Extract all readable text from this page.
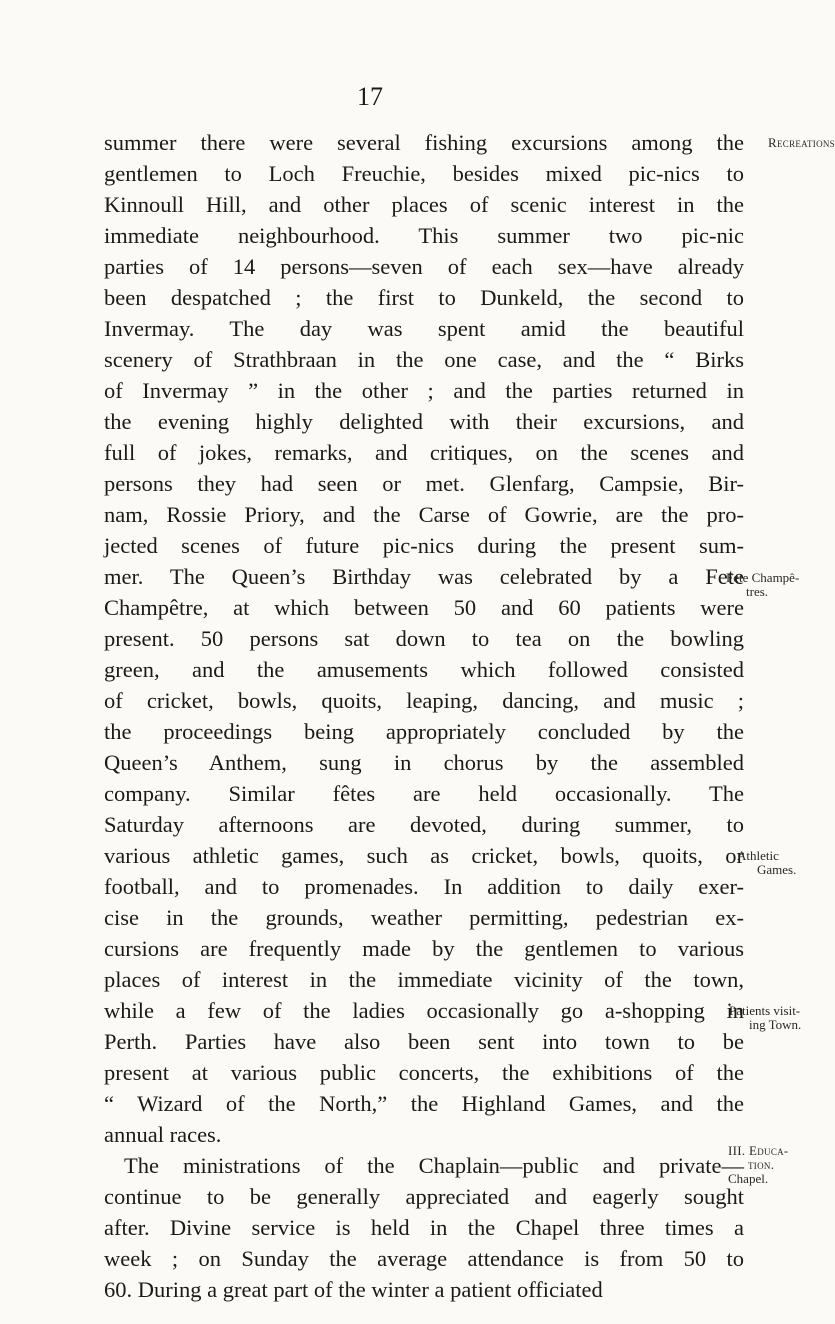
17
summer there were several fishing excursions among the
gentlemen to Loch Freuchie, besides mixed pic-nics to
Kinnoull Hill, and other places of scenic interest in the
immediate neighbourhood. This summer two pic-nic
parties of 14 persons—seven of each sex—have already
been despatched ; the first to Dunkeld, the second to
Invermay. The day was spent amid the beautiful
scenery of Strathbraan in the one case, and the “ Birks
of Invermay ” in the other ; and the parties returned in
the evening highly delighted with their excursions, and
full of jokes, remarks, and critiques, on the scenes and
persons they had seen or met. Glenfarg, Campsie, Bir-
nam, Rossie Priory, and the Carse of Gowrie, are the pro-
jected scenes of future pic-nics during the present sum-
mer. The Queen’s Birthday was celebrated by a Fete
Champêtre, at which between 50 and 60 patients were
present. 50 persons sat down to tea on the bowling
green, and the amusements which followed consisted
of cricket, bowls, quoits, leaping, dancing, and music ;
the proceedings being appropriately concluded by the
Queen’s Anthem, sung in chorus by the assembled
company. Similar fêtes are held occasionally. The
Saturday afternoons are devoted, during summer, to
various athletic games, such as cricket, bowls, quoits, or
football, and to promenades. In addition to daily exer-
cise in the grounds, weather permitting, pedestrian ex-
cursions are frequently made by the gentlemen to various
places of interest in the immediate vicinity of the town,
while a few of the ladies occasionally go a-shopping in
Perth. Parties have also been sent into town to be
present at various public concerts, the exhibitions of the
“ Wizard of the North,” the Highland Games, and the
annual races.
The ministrations of the Chaplain—public and private—
continue to be generally appreciated and eagerly sought
after. Divine service is held in the Chapel three times a
week ; on Sunday the average attendance is from 50 to
60. During a great part of the winter a patient officiated
Recreations
Fete Champê-
tres.
Athletic
Games.
Patients visit-
ing Town.
III. Educa-
tion.
Chapel.
